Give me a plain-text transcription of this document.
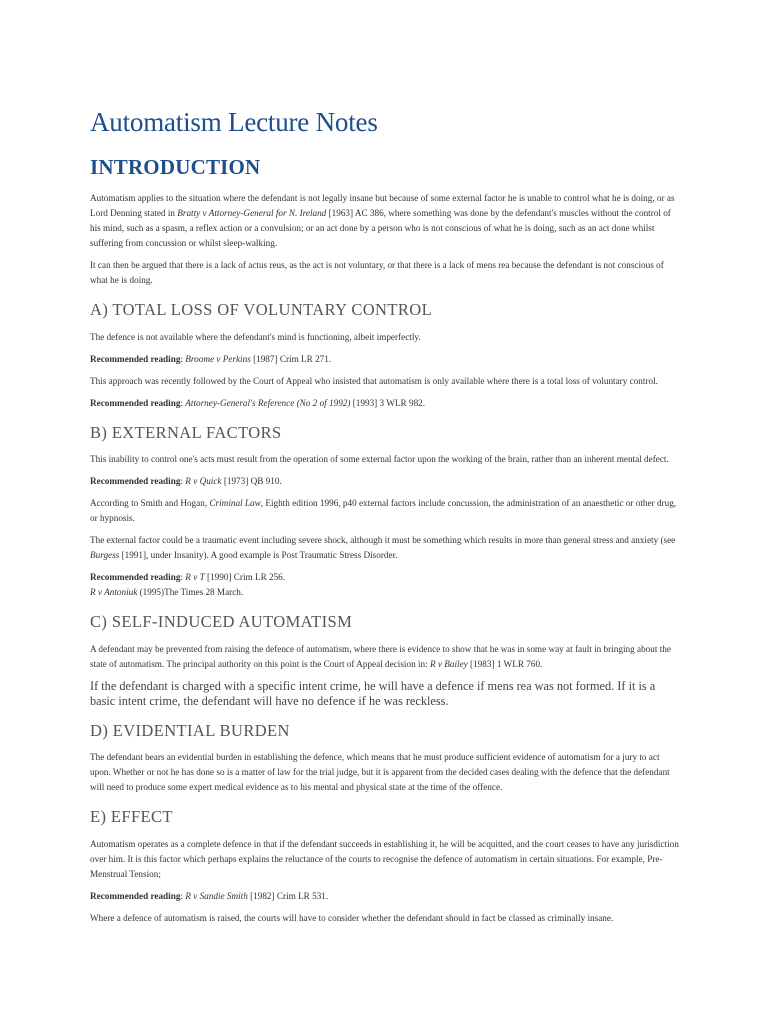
Automatism Lecture Notes
INTRODUCTION

Automatism applies to the situation where the defendant is not legally insane but because of some external factor he is unable to control what he is doing, or as Lord Denning stated in Bratty v Attorney-General for N. Ireland [1963] AC 386, where something was done by the defendant's muscles without the control of his mind, such as a spasm, a reflex action or a convulsion; or an act done by a person who is not conscious of what he is doing, such as an act done whilst suffering from concussion or whilst sleep-walking.

It can then be argued that there is a lack of actus reus, as the act is not voluntary, or that there is a lack of mens rea because the defendant is not conscious of what he is doing.

A) TOTAL LOSS OF VOLUNTARY CONTROL

The defence is not available where the defendant's mind is functioning, albeit imperfectly.

Recommended reading: Broome v Perkins [1987] Crim LR 271.

This approach was recently followed by the Court of Appeal who insisted that automatism is only available where there is a total loss of voluntary control.

Recommended reading: Attorney-General's Reference (No 2 of 1992) [1993] 3 WLR 982.

B) EXTERNAL FACTORS

This inability to control one's acts must result from the operation of some external factor upon the working of the brain, rather than an inherent mental defect.

Recommended reading: R v Quick [1973] QB 910.

According to Smith and Hogan, Criminal Law, Eighth edition 1996, p40 external factors include concussion, the administration of an anaesthetic or other drug, or hypnosis.

The external factor could be a traumatic event including severe shock, although it must be something which results in more than general stress and anxiety (see Burgess [1991], under Insanity). A good example is Post Traumatic Stress Disorder.

Recommended reading: R v T [1990] Crim LR 256.

R v Antoniuk (1995)The Times 28 March.

C) SELF-INDUCED AUTOMATISM

A defendant may be prevented from raising the defence of automatism, where there is evidence to show that he was in some way at fault in bringing about the state of automatism. The principal authority on this point is the Court of Appeal decision in: R v Bailey [1983] 1 WLR 760.

If the defendant is charged with a specific intent crime, he will have a defence if mens rea was not formed. If it is a basic intent crime, the defendant will have no defence if he was reckless.

D) EVIDENTIAL BURDEN

The defendant bears an evidential burden in establishing the defence, which means that he must produce sufficient evidence of automatism for a jury to act upon. Whether or not he has done so is a matter of law for the trial judge, but it is apparent from the decided cases dealing with the defence that the defendant will need to produce some expert medical evidence as to his mental and physical state at the time of the offence.

E) EFFECT

Automatism operates as a complete defence in that if the defendant succeeds in establishing it, he will be acquitted, and the court ceases to have any jurisdiction over him. It is this factor which perhaps explains the reluctance of the courts to recognise the defence of automatism in certain situations. For example, Pre-Menstrual Tension;

Recommended reading: R v Sandie Smith [1982] Crim LR 531.

Where a defence of automatism is raised, the courts will have to consider whether the defendant should in fact be classed as criminally insane.
